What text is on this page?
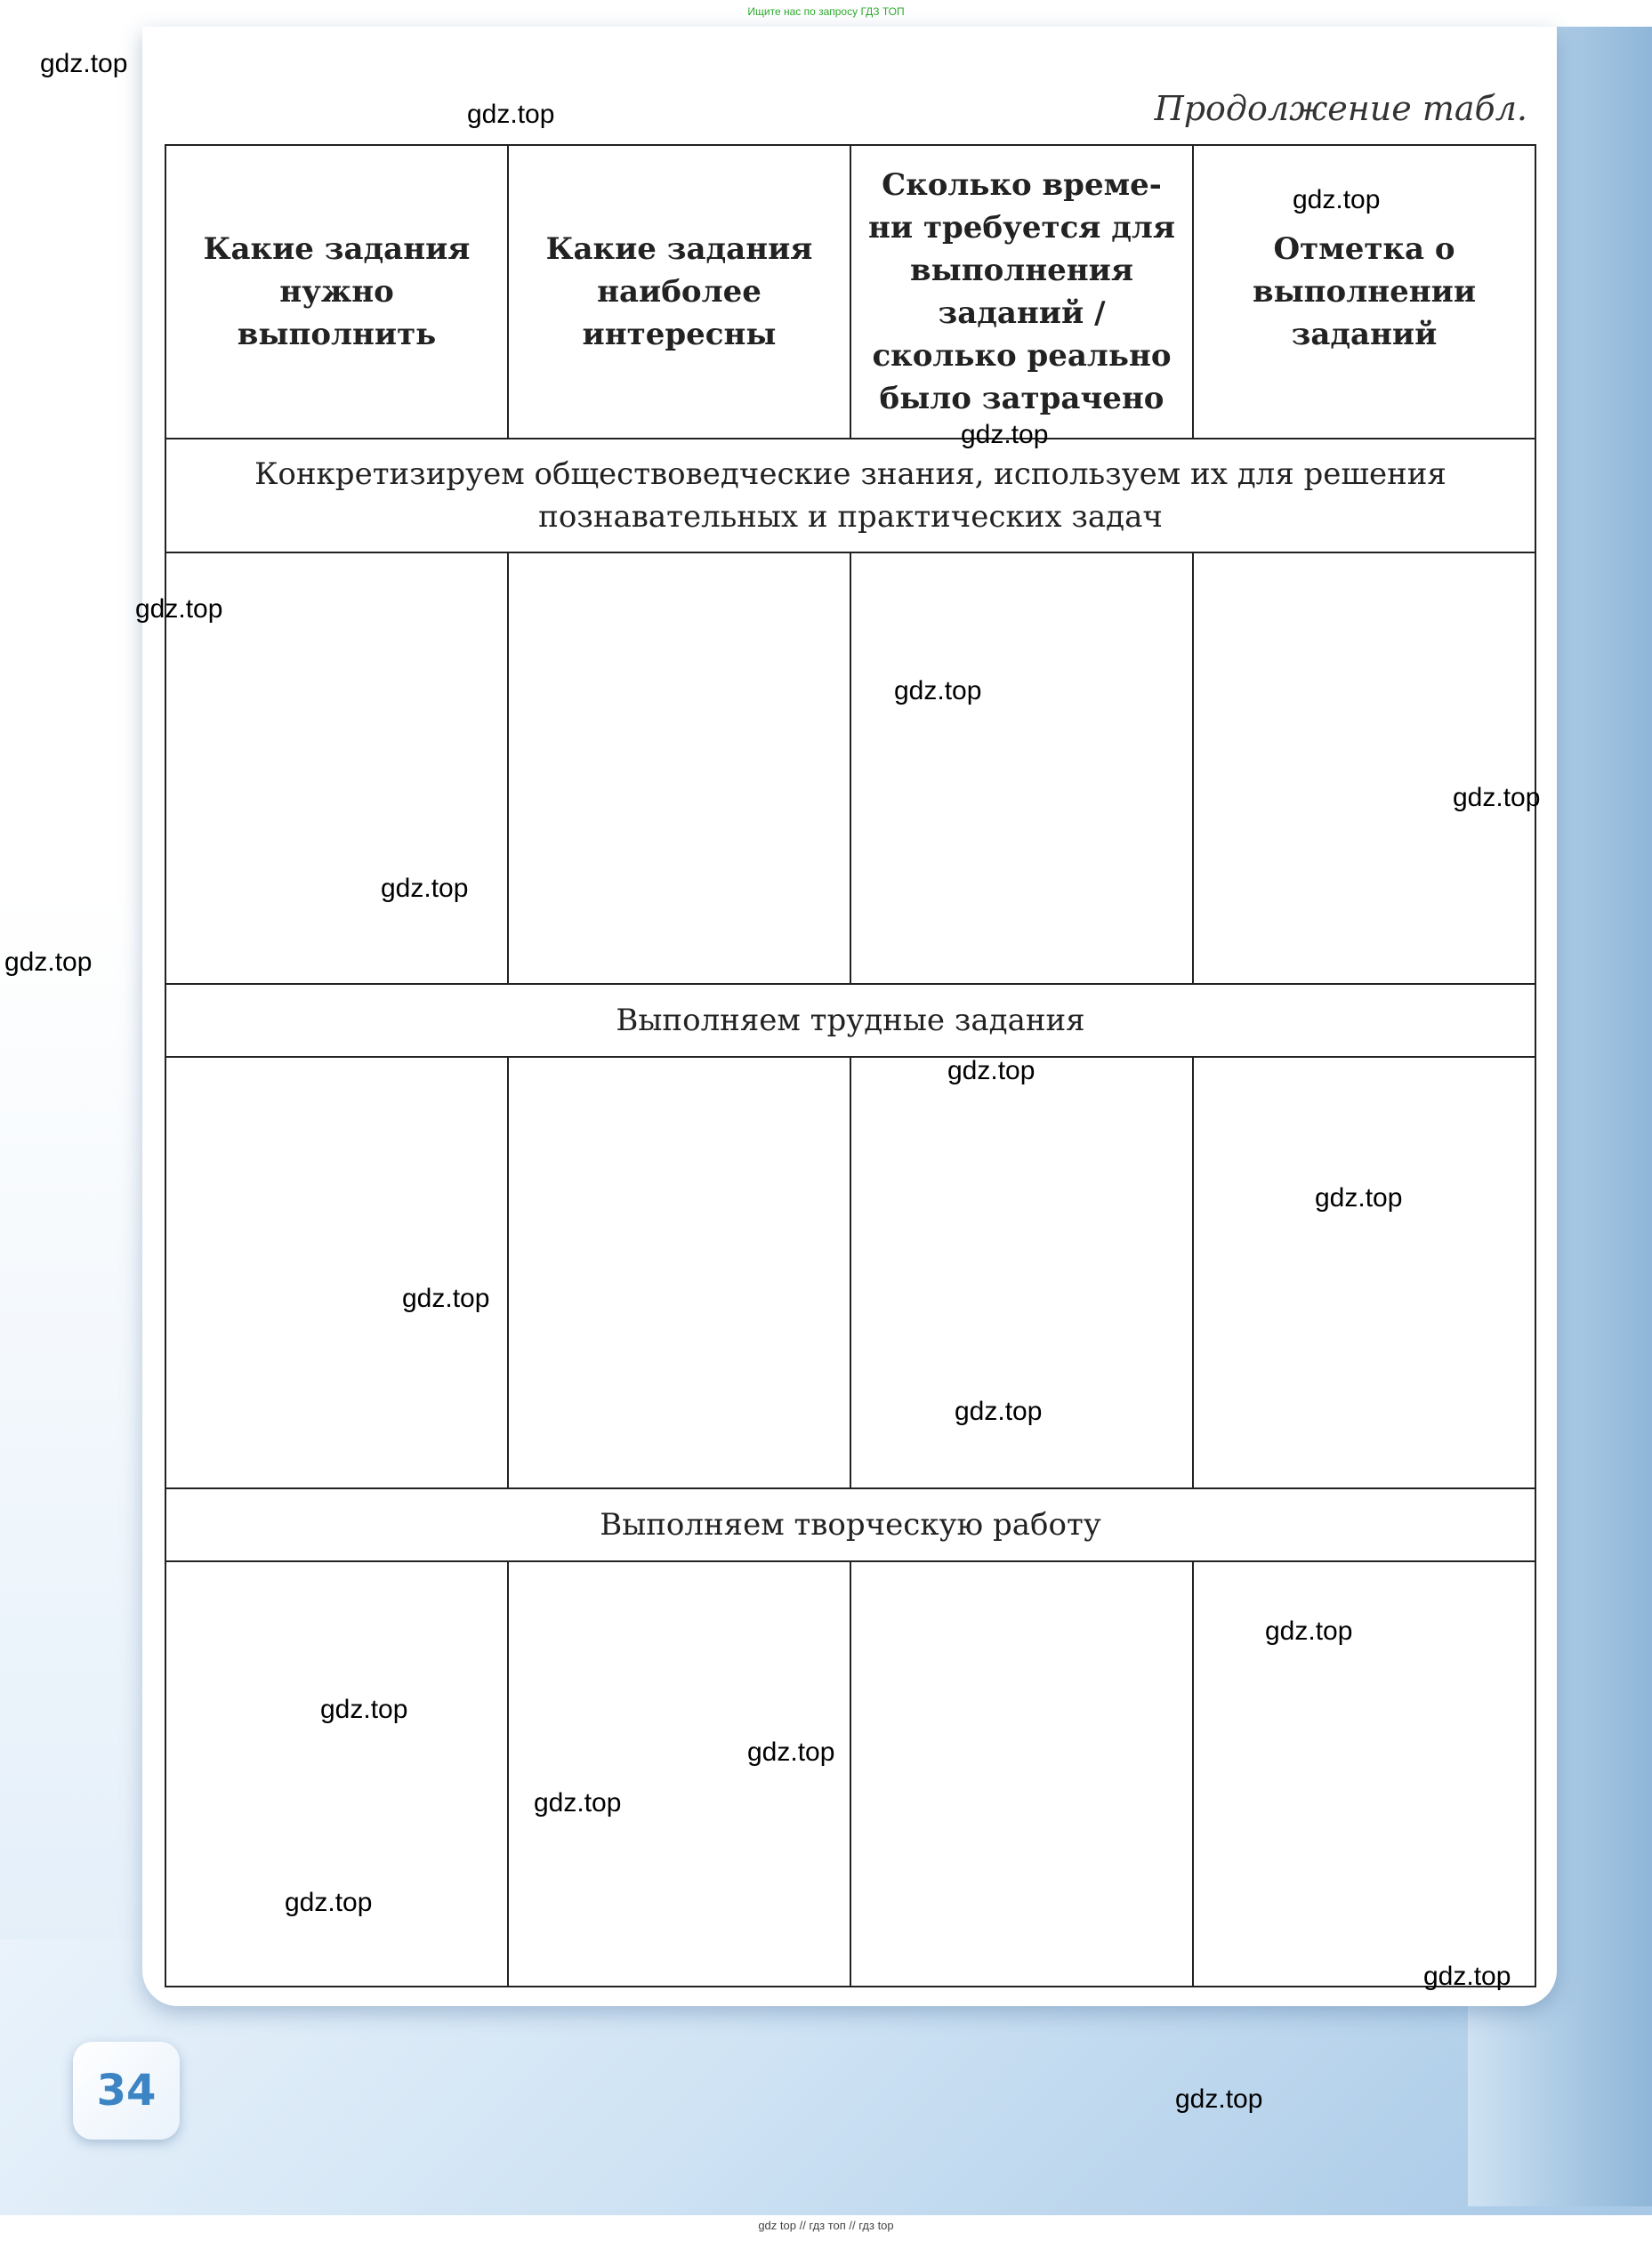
Ищите нас по запросу ГДЗ ТОП
Продолжение табл.
Какие задания нужно выполнить	Какие задания наиболее интересны	Сколько време- ни требуется для выполнения заданий / сколько реально было затрачено	Отметка о выполнении заданий
Конкретизируем обществоведческие знания, используем их для решения познавательных и практических задач			

Выполняем трудные задания			

Выполняем творческую работу			

34
gdz.top
gdz.top
gdz.top
gdz.top
gdz.top
gdz.top
gdz.top
gdz.top
gdz.top
gdz.top
gdz.top
gdz.top
gdz.top
gdz.top
gdz.top
gdz.top
gdz.top
gdz.top
gdz.top
gdz.top
gdz top // гдз топ // гдз top
